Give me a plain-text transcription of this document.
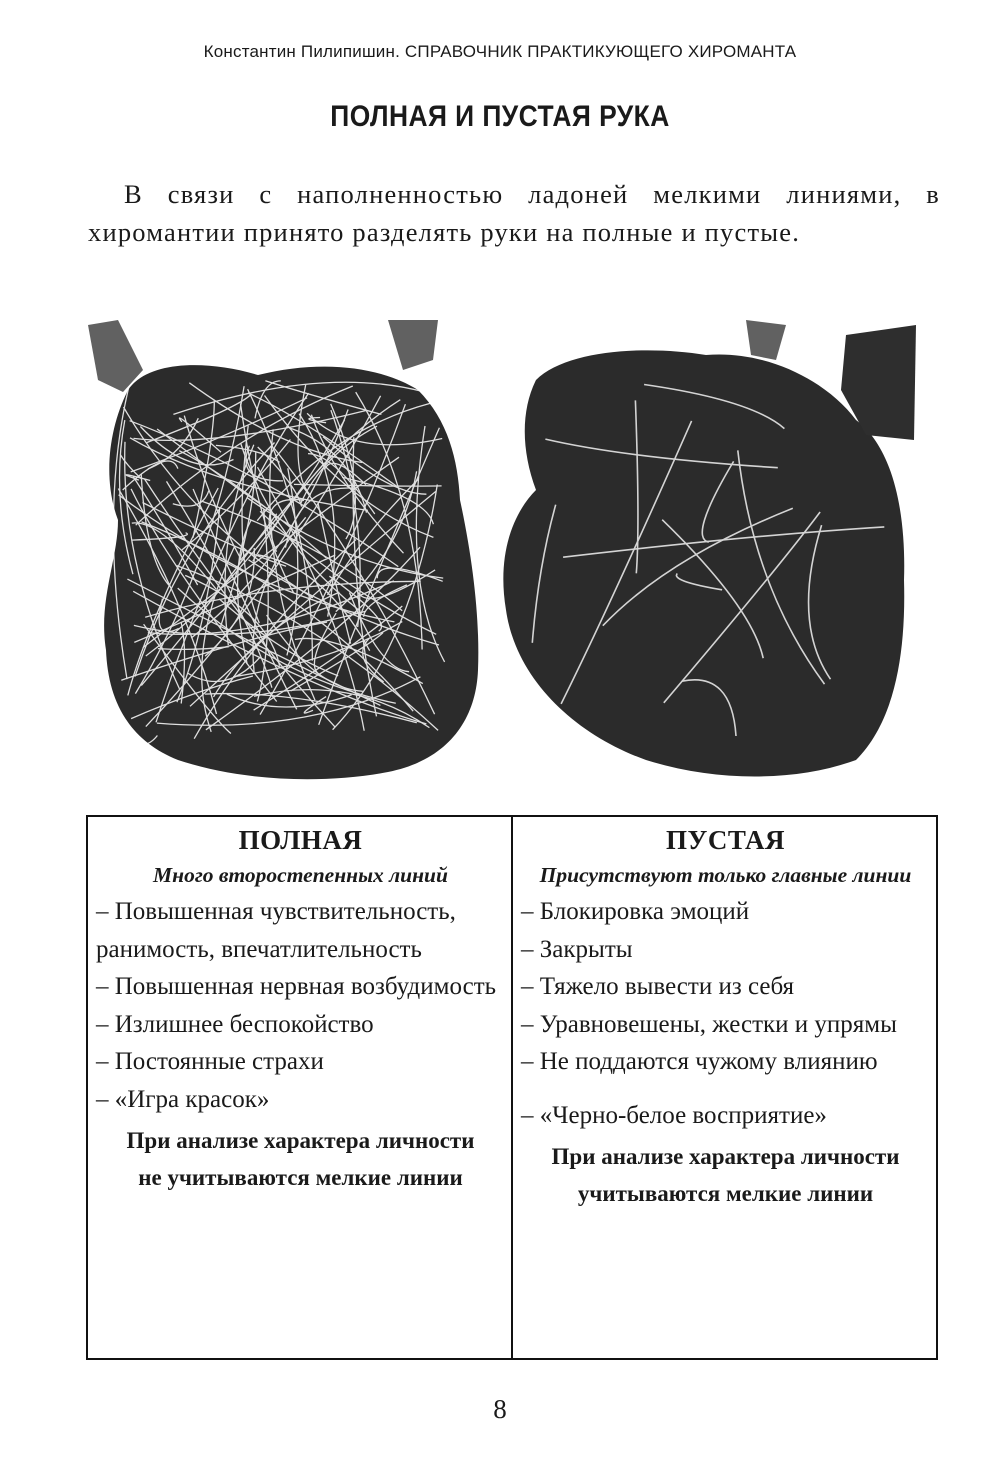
Константин Пилипишин. СПРАВОЧНИК ПРАКТИКУЮЩЕГО ХИРОМАНТА
ПОЛНАЯ И ПУСТАЯ РУКА

В связи с наполненностью ладоней мелкими линиями, в хиромантии принято разделять руки на полные и пустые.

ПОЛНАЯ
Много второстепенных линий
– Повышенная чувствительность, ранимость, впечатлительность
– Повышенная нервная возбудимость
– Излишнее беспокойство
– Постоянные страхи
– «Игра красок»
При анализе характера личности не учитываются мелкие линии
ПУСТАЯ
Присутствуют только главные линии
– Блокировка эмоций
– Закрыты
– Тяжело вывести из себя
– Уравновешены, жестки и упрямы
– Не поддаются чужому влиянию
– «Черно-белое восприятие»
При анализе характера личности учитываются мелкие линии
8
